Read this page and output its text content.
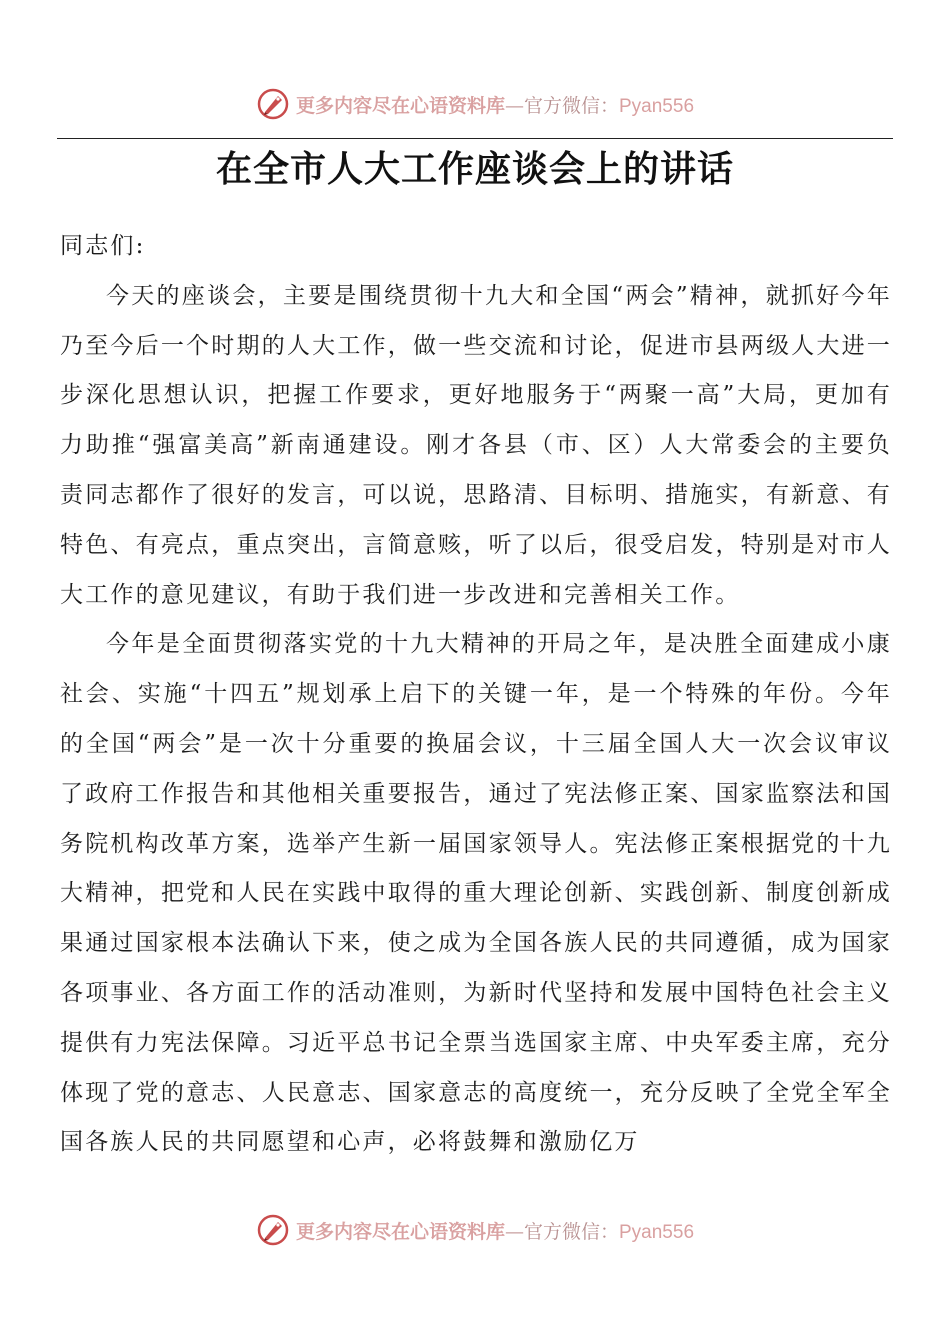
更多内容尽在心语资料库—官方微信：Pyan556
在全市人大工作座谈会上的讲话

同志们:

今天的座谈会，主要是围绕贯彻十九大和全国“两会”精神，就抓好今年乃至今后一个时期的人大工作，做一些交流和讨论，促进市县两级人大进一步深化思想认识，把握工作要求，更好地服务于“两聚一高”大局，更加有力助推“强富美高”新南通建设。刚才各县（市、区）人大常委会的主要负责同志都作了很好的发言，可以说，思路清、目标明、措施实，有新意、有特色、有亮点，重点突出，言简意赅，听了以后，很受启发，特别是对市人大工作的意见建议，有助于我们进一步改进和完善相关工作。

今年是全面贯彻落实党的十九大精神的开局之年，是决胜全面建成小康社会、实施“十四五”规划承上启下的关键一年，是一个特殊的年份。今年的全国“两会”是一次十分重要的换届会议，十三届全国人大一次会议审议了政府工作报告和其他相关重要报告，通过了宪法修正案、国家监察法和国务院机构改革方案，选举产生新一届国家领导人。宪法修正案根据党的十九大精神，把党和人民在实践中取得的重大理论创新、实践创新、制度创新成果通过国家根本法确认下来，使之成为全国各族人民的共同遵循，成为国家各项事业、各方面工作的活动准则，为新时代坚持和发展中国特色社会主义提供有力宪法保障。习近平总书记全票当选国家主席、中央军委主席，充分体现了党的意志、人民意志、国家意志的高度统一，充分反映了全党全军全国各族人民的共同愿望和心声，必将鼓舞和激励亿万

更多内容尽在心语资料库—官方微信：Pyan556
